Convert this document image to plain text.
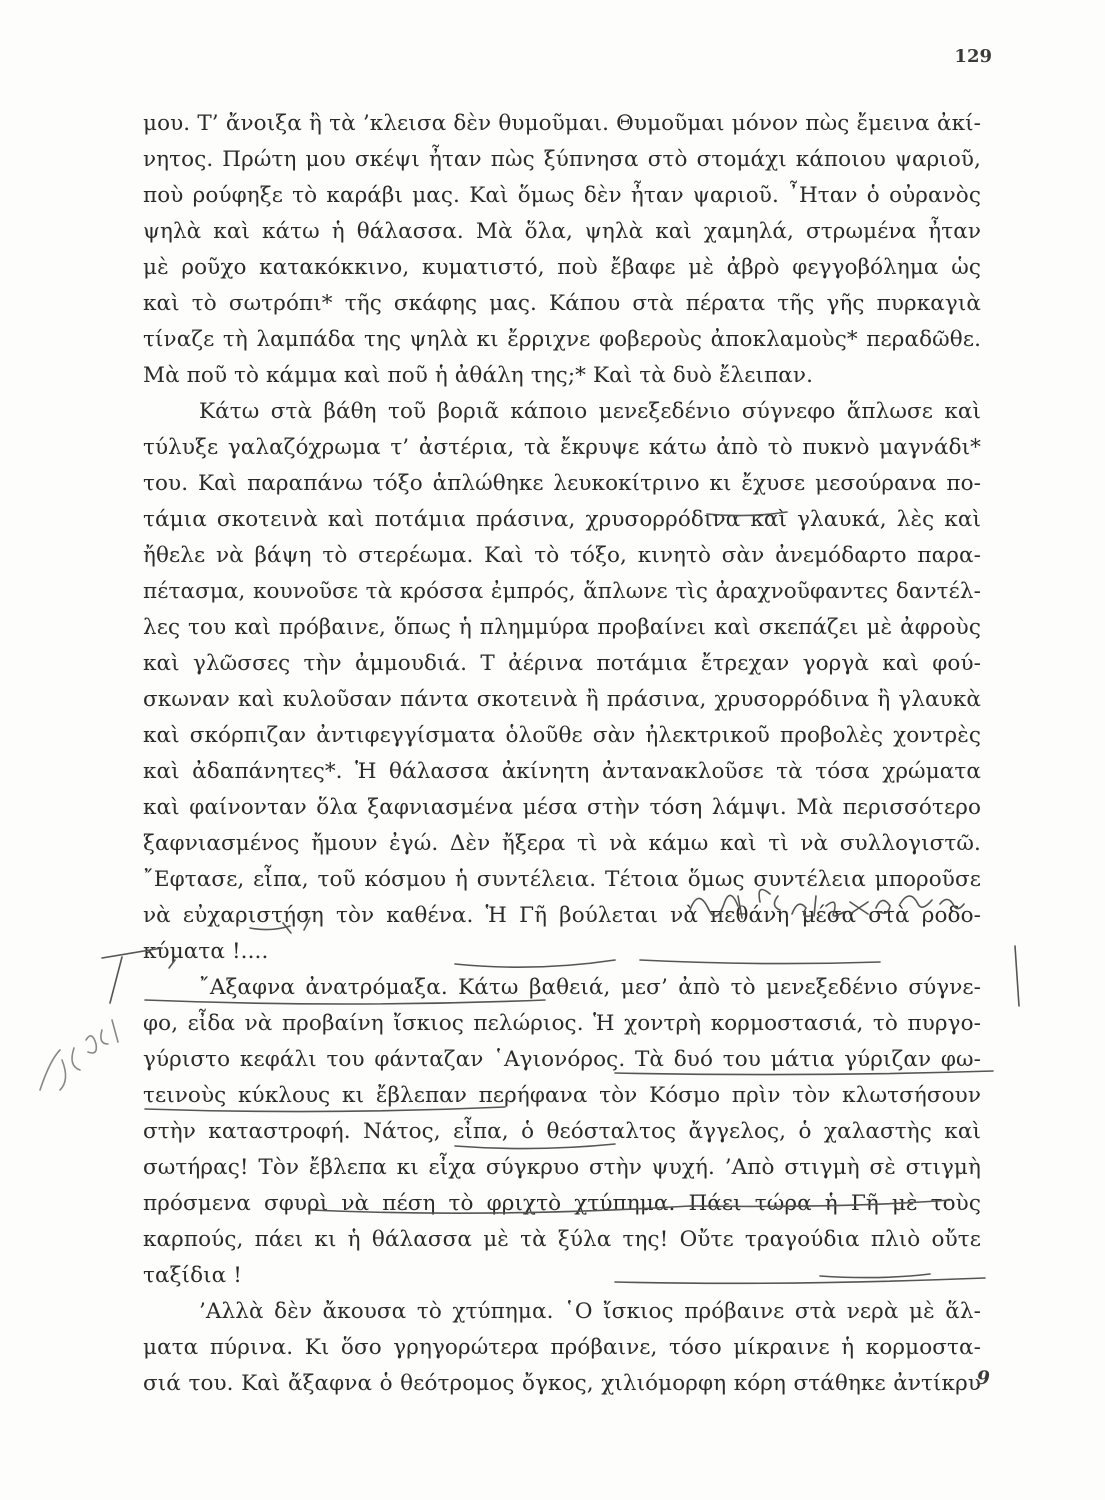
129
μου. Τ’ ἄνοιξα ἢ τὰ ’κλεισα δὲν θυμοῦμαι. Θυμοῦμαι μόνον πὼς ἔμεινα ἀκί-
νητος. Πρώτη μου σκέψι ἦταν πὼς ξύπνησα στὸ στομάχι κάποιου ψαριοῦ,
ποὺ ρούφηξε τὸ καράβι μας. Καὶ ὅμως δὲν ἦταν ψαριοῦ. ῏Ηταν ὁ οὐρανὸς
ψηλὰ καὶ κάτω ἡ θάλασσα. Μὰ ὅλα, ψηλὰ καὶ χαμηλά, στρωμένα ἦταν
μὲ ροῦχο κατακόκκινο, κυματιστό, ποὺ ἔβαφε μὲ ἀβρὸ φεγγοβόλημα ὡς
καὶ τὸ σωτρόπι* τῆς σκάφης μας. Κάπου στὰ πέρατα τῆς γῆς πυρκαγιὰ
τίναζε τὴ λαμπάδα της ψηλὰ κι ἔρριχνε φοβεροὺς ἀποκλαμοὺς* περαδῶθε.
Μὰ ποῦ τὸ κάμμα καὶ ποῦ ἡ ἀθάλη της;* Καὶ τὰ δυὸ ἔλειπαν.
Κάτω στὰ βάθη τοῦ βοριᾶ κάποιο μενεξεδένιο σύγνεφο ἅπλωσε καὶ
τύλυξε γαλαζόχρωμα τ’ ἀστέρια, τὰ ἔκρυψε κάτω ἀπὸ τὸ πυκνὸ μαγνάδι*
του. Καὶ παραπάνω τόξο ἁπλώθηκε λευκοκίτρινο κι ἔχυσε μεσούρανα πο-
τάμια σκοτεινὰ καὶ ποτάμια πράσινα, χρυσορρόδινα καὶ γλαυκά, λὲς καὶ
ἤθελε νὰ βάψη τὸ στερέωμα. Καὶ τὸ τόξο, κινητὸ σὰν ἀνεμόδαρτο παρα-
πέτασμα, κουνοῦσε τὰ κρόσσα ἐμπρός, ἅπλωνε τὶς ἀραχνοῦφαντες δαντέλ-
λες του καὶ πρόβαινε, ὅπως ἡ πλημμύρα προβαίνει καὶ σκεπάζει μὲ ἀφροὺς
καὶ γλῶσσες τὴν ἀμμουδιά. Τ ἀέρινα ποτάμια ἔτρεχαν γοργὰ καὶ φού-
σκωναν καὶ κυλοῦσαν πάντα σκοτεινὰ ἢ πράσινα, χρυσορρόδινα ἢ γλαυκὰ
καὶ σκόρπιζαν ἀντιφεγγίσματα ὁλοῦθε σὰν ἠλεκτρικοῦ προβολὲς χοντρὲς
καὶ ἀδαπάνητες*. Ἡ θάλασσα ἀκίνητη ἀντανακλοῦσε τὰ τόσα χρώματα
καὶ φαίνονταν ὅλα ξαφνιασμένα μέσα στὴν τόση λάμψι. Μὰ περισσότερο
ξαφνιασμένος ἤμουν ἐγώ. Δὲν ἤξερα τὶ νὰ κάμω καὶ τὶ νὰ συλλογιστῶ.
῎Εφτασε, εἶπα, τοῦ κόσμου ἡ συντέλεια. Τέτοια ὅμως συντέλεια μποροῦσε
νὰ εὐχαριστήση τὸν καθένα. Ἡ Γῆ βούλεται νὰ πεθάνη μέσα στὰ ροδο-
κύματα !....
῎Αξαφνα ἀνατρόμαξα. Κάτω βαθειά, μεσ’ ἀπὸ τὸ μενεξεδένιο σύγνε-
φο, εἶδα νὰ προβαίνη ἴσκιος πελώριος. Ἡ χοντρὴ κορμοστασιά, τὸ πυργο-
γύριστο κεφάλι του φάνταζαν ῾Αγιονόρος. Τὰ δυό του μάτια γύριζαν φω-
τεινοὺς κύκλους κι ἔβλεπαν περήφανα τὸν Κόσμο πρὶν τὸν κλωτσήσουν
στὴν καταστροφή. Νάτος, εἶπα, ὁ θεόσταλτος ἄγγελος, ὁ χαλαστὴς καὶ
σωτήρας! Τὸν ἔβλεπα κι εἶχα σύγκρυο στὴν ψυχή. ’Απὸ στιγμὴ σὲ στιγμὴ
πρόσμενα σφυρὶ νὰ πέση τὸ φριχτὸ χτύπημα. Πάει τώρα ἡ Γῆ μὲ τοὺς
καρπούς, πάει κι ἡ θάλασσα μὲ τὰ ξύλα της! Οὔτε τραγούδια πλιὸ οὔτε
ταξίδια !
’Αλλὰ δὲν ἄκουσα τὸ χτύπημα. ῾Ο ἴσκιος πρόβαινε στὰ νερὰ μὲ ἅλ-
ματα πύρινα. Κι ὅσο γρηγορώτερα πρόβαινε, τόσο μίκραινε ἡ κορμοστα-
σιά του. Καὶ ἄξαφνα ὁ θεότρομος ὄγκος, χιλιόμορφη κόρη στάθηκε ἀντίκρυ
9
